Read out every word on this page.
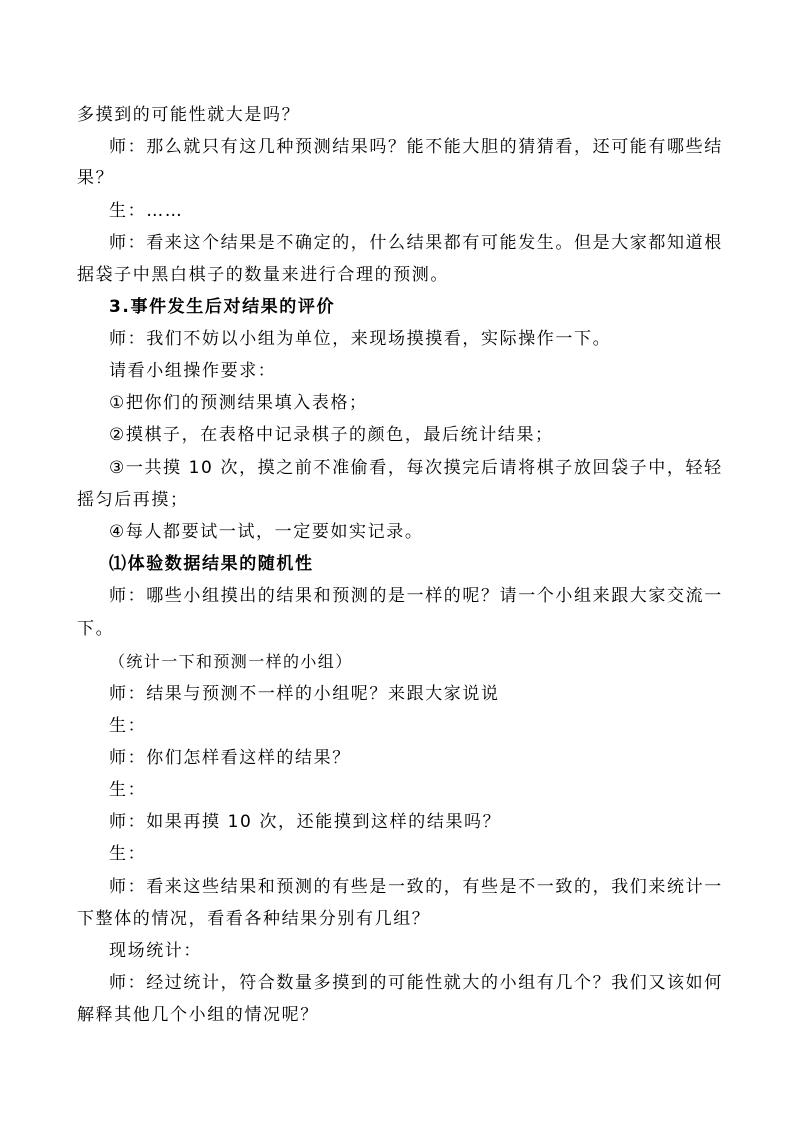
多摸到的可能性就大是吗？
师：那么就只有这几种预测结果吗？能不能大胆的猜猜看，还可能有哪些结
果？
生：……
师：看来这个结果是不确定的，什么结果都有可能发生。但是大家都知道根
据袋子中黑白棋子的数量来进行合理的预测。
3.事件发生后对结果的评价
师：我们不妨以小组为单位，来现场摸摸看，实际操作一下。
请看小组操作要求：
①把你们的预测结果填入表格；
②摸棋子，在表格中记录棋子的颜色，最后统计结果；
③一共摸 10 次，摸之前不准偷看，每次摸完后请将棋子放回袋子中，轻轻
摇匀后再摸；
④每人都要试一试，一定要如实记录。
⑴体验数据结果的随机性
师：哪些小组摸出的结果和预测的是一样的呢？请一个小组来跟大家交流一
下。
（统计一下和预测一样的小组）
师：结果与预测不一样的小组呢？来跟大家说说
生：
师：你们怎样看这样的结果？
生：
师：如果再摸 10 次，还能摸到这样的结果吗？
生：
师：看来这些结果和预测的有些是一致的，有些是不一致的，我们来统计一
下整体的情况，看看各种结果分别有几组？
现场统计：
师：经过统计，符合数量多摸到的可能性就大的小组有几个？我们又该如何
解释其他几个小组的情况呢？
